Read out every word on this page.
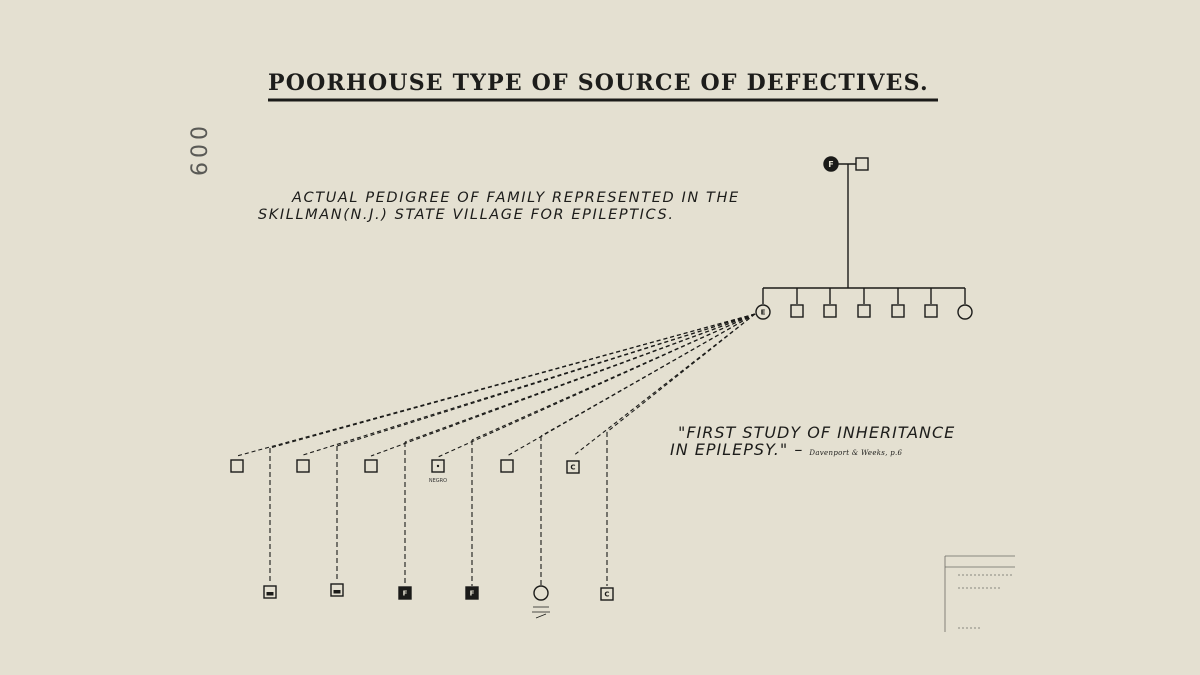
F
E
NEGRO
C
F	F	C
POORHOUSE TYPE OF SOURCE OF DEFECTIVES.

ACTUAL PEDIGREE OF FAMILY REPRESENTED IN THE

SKILLMAN(N.J.) STATE VILLAGE FOR EPILEPTICS.

"FIRST STUDY OF INHERITANCE

IN EPILEPSY." – Davenport & Weeks, p.6

600
